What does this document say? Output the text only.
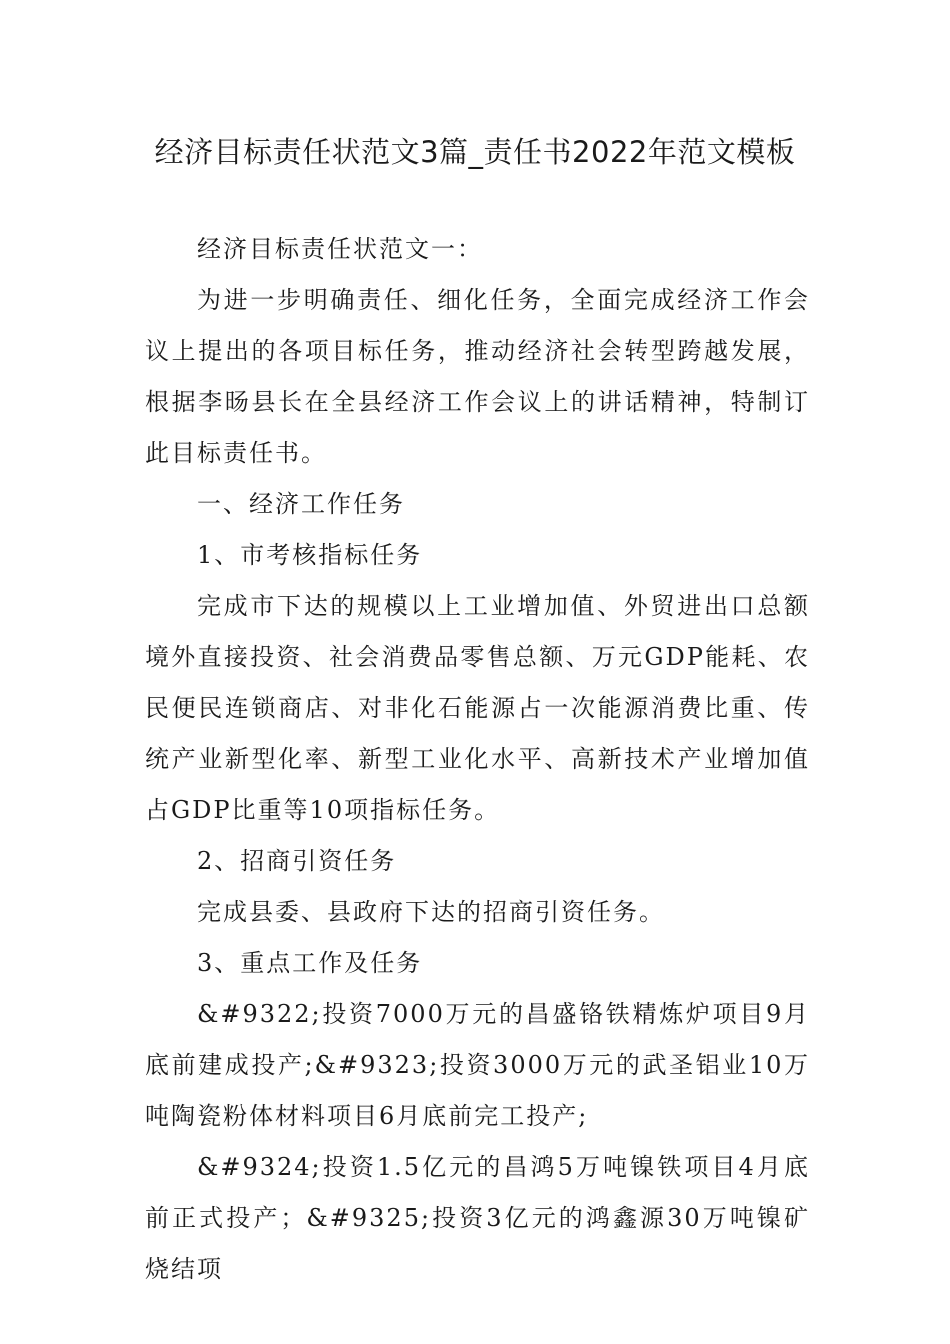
经济目标责任状范文3篇_责任书2022年范文模板

经济目标责任状范文一：

为进一步明确责任、细化任务，全面完成经济工作会议上提出的各项目标任务，推动经济社会转型跨越发展，根据李旸县长在全县经济工作会议上的讲话精神，特制订此目标责任书。

一、经济工作任务

1、市考核指标任务

完成市下达的规模以上工业增加值、外贸进出口总额境外直接投资、社会消费品零售总额、万元GDP能耗、农民便民连锁商店、对非化石能源占一次能源消费比重、传统产业新型化率、新型工业化水平、高新技术产业增加值占GDP比重等10项指标任务。

2、招商引资任务

完成县委、县政府下达的招商引资任务。

3、重点工作及任务

&#9322;投资7000万元的昌盛铬铁精炼炉项目9月底前建成投产;&#9323;投资3000万元的武圣铝业10万吨陶瓷粉体材料项目6月底前完工投产;

&#9324;投资1.5亿元的昌鸿5万吨镍铁项目4月底前正式投产；&#9325;投资3亿元的鸿鑫源30万吨镍矿烧结项
